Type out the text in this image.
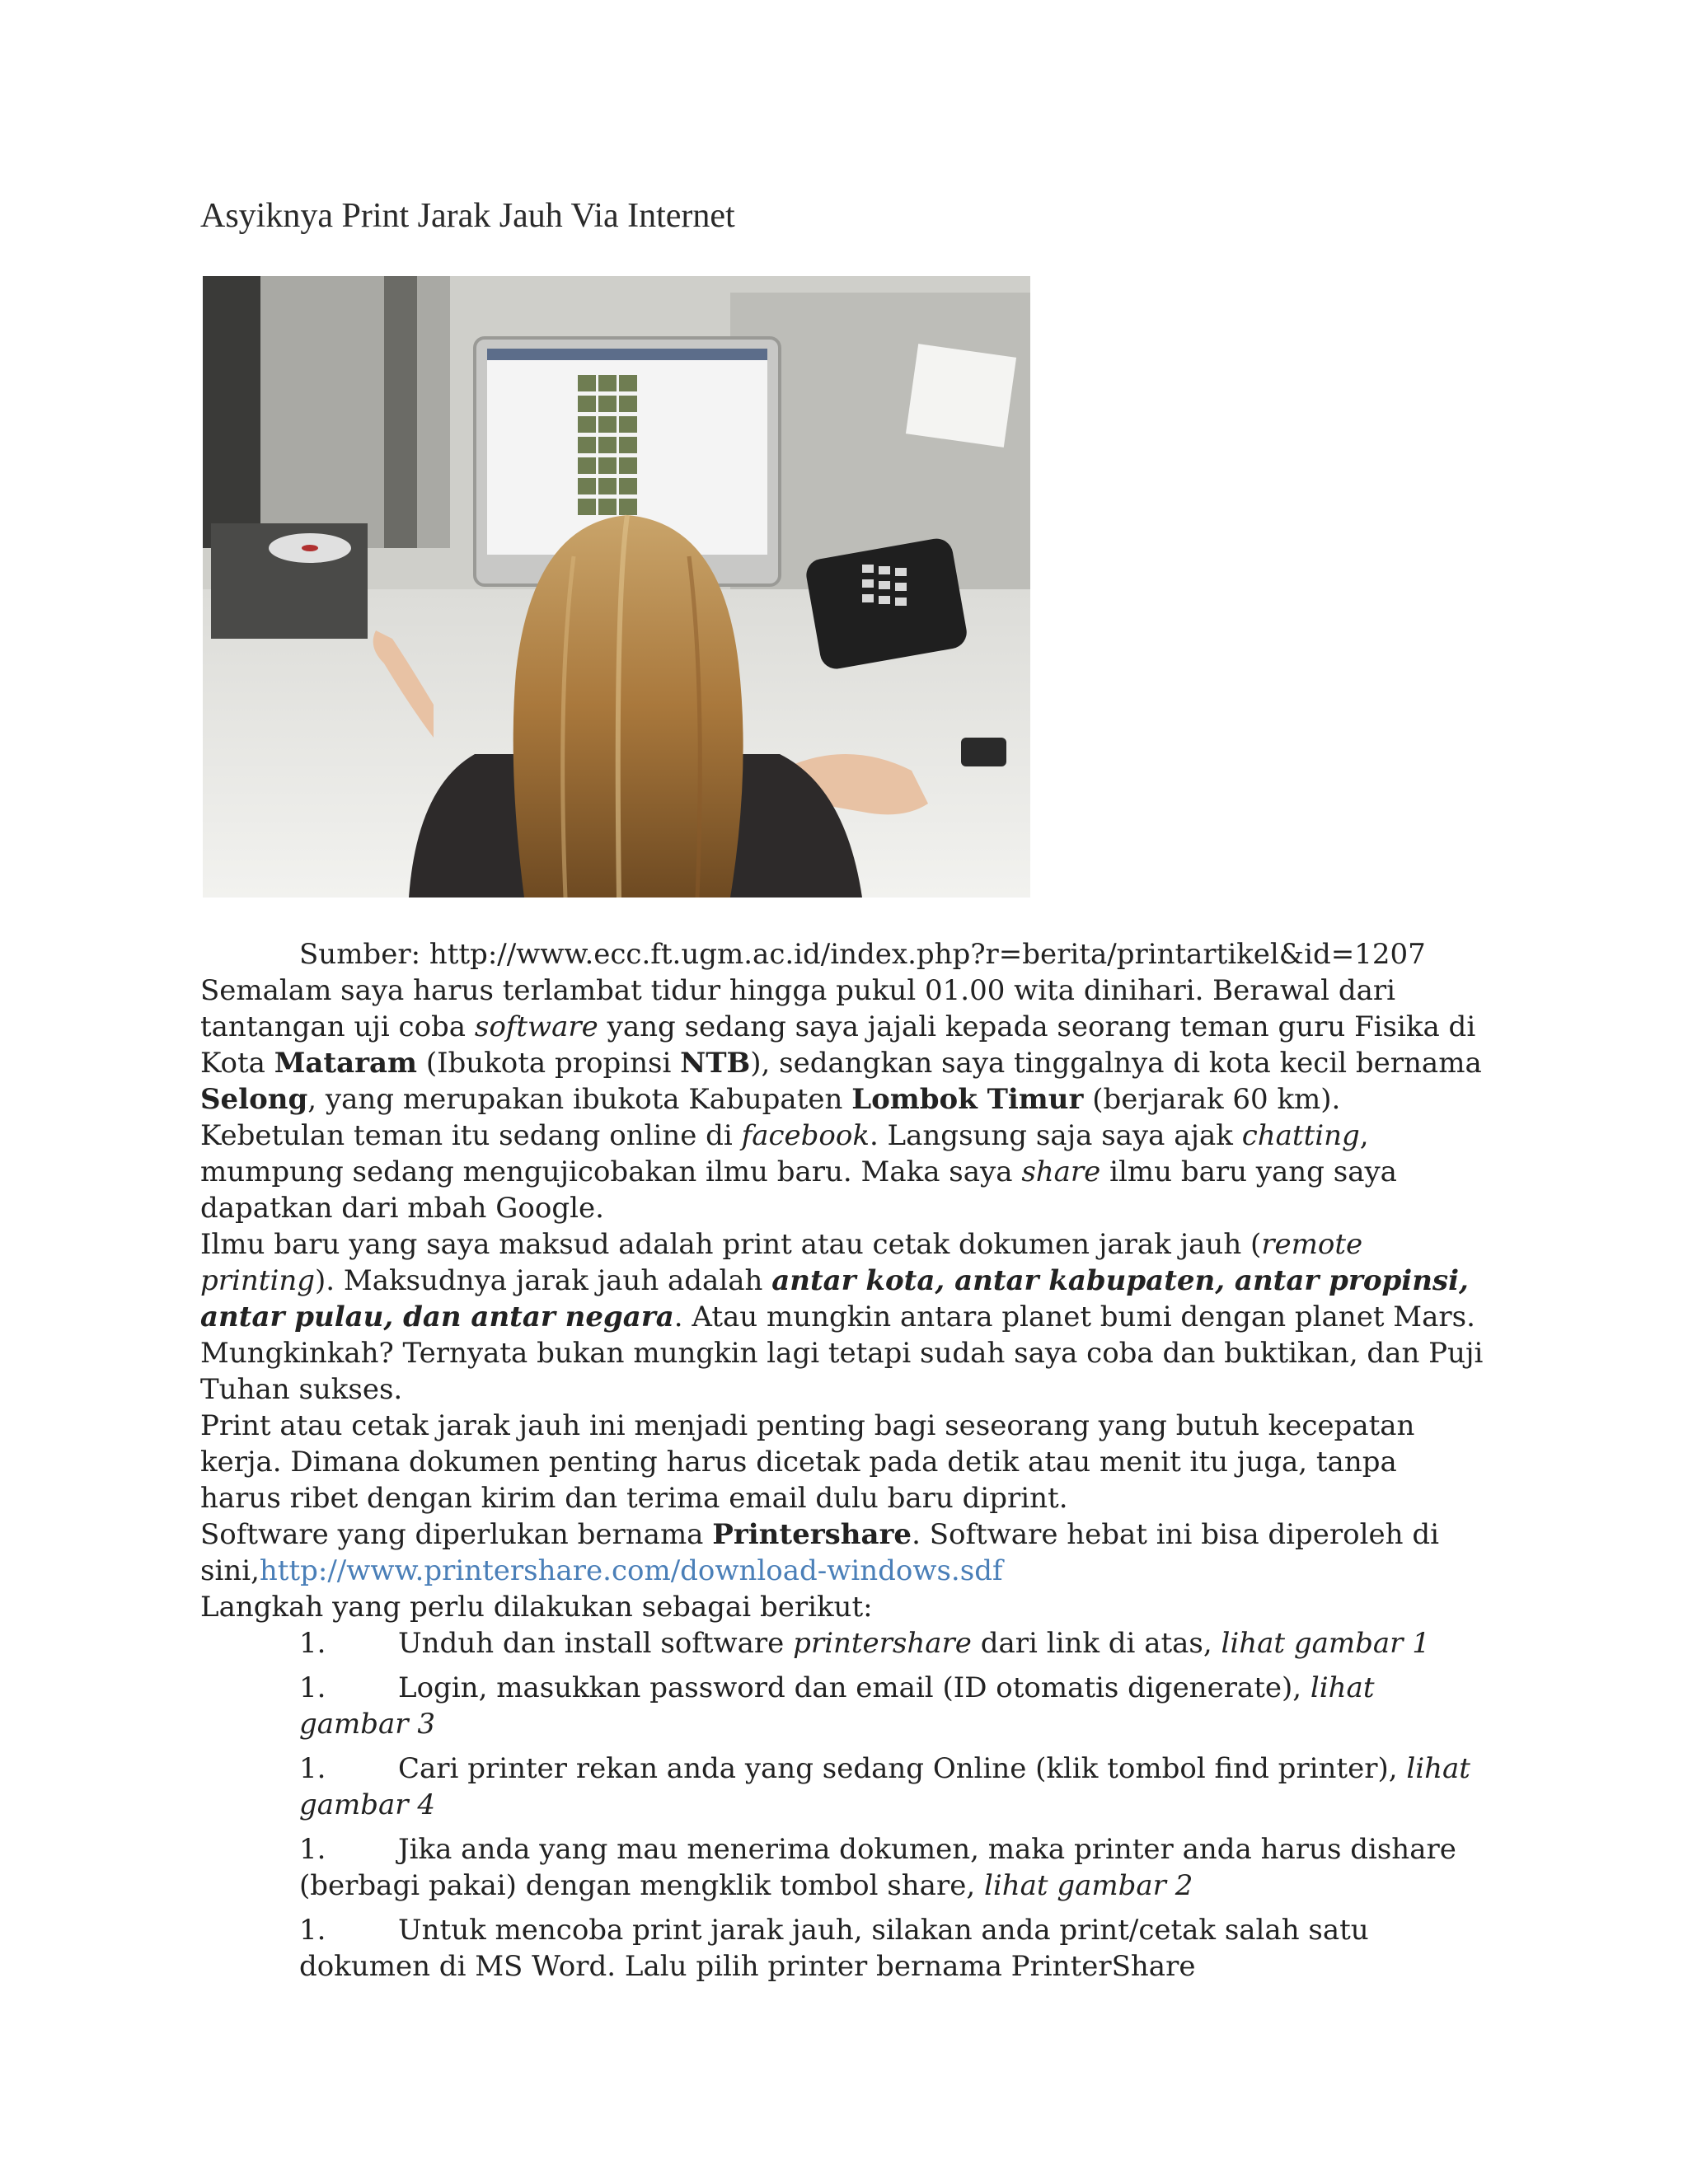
Asyiknya Print Jarak Jauh Via Internet

Sumber: http://www.ecc.ft.ugm.ac.id/index.php?r=berita/printartikel&id=1207

Semalam saya harus terlambat tidur hingga pukul 01.00 wita dinihari. Berawal dari tantangan uji coba software yang sedang saya jajali kepada seorang teman guru Fisika di Kota Mataram (Ibukota propinsi NTB), sedangkan saya tinggalnya di kota kecil bernama Selong, yang merupakan ibukota Kabupaten Lombok Timur (berjarak 60 km). Kebetulan teman itu sedang online di facebook. Langsung saja saya ajak chatting, mumpung sedang mengujicobakan ilmu baru. Maka saya share ilmu baru yang saya dapatkan dari mbah Google.

Ilmu baru yang saya maksud adalah print atau cetak dokumen jarak jauh (remote printing). Maksudnya jarak jauh adalah antar kota, antar kabupaten, antar propinsi, antar pulau, dan antar negara. Atau mungkin antara planet bumi dengan planet Mars. Mungkinkah? Ternyata bukan mungkin lagi tetapi sudah saya coba dan buktikan, dan Puji Tuhan sukses.

Print atau cetak jarak jauh ini menjadi penting bagi seseorang yang butuh kecepatan kerja. Dimana dokumen penting harus dicetak pada detik atau menit itu juga, tanpa harus ribet dengan kirim dan terima email dulu baru diprint.

Software yang diperlukan bernama Printershare. Software hebat ini bisa diperoleh di sini,http://www.printershare.com/download-windows.sdf

Langkah yang perlu dilakukan sebagai berikut:

1.	Unduh dan install software printershare dari link di atas, lihat gambar 1
1.	Login, masukkan password dan email (ID otomatis digenerate), lihat gambar 3
1.	Cari printer rekan anda yang sedang Online (klik tombol find printer), lihat gambar 4
1.	Jika anda yang mau menerima dokumen, maka printer anda harus dishare (berbagi pakai) dengan mengklik tombol share, lihat gambar 2
1.	Untuk mencoba print jarak jauh, silakan anda print/cetak salah satu dokumen di MS Word. Lalu pilih printer bernama PrinterShare
